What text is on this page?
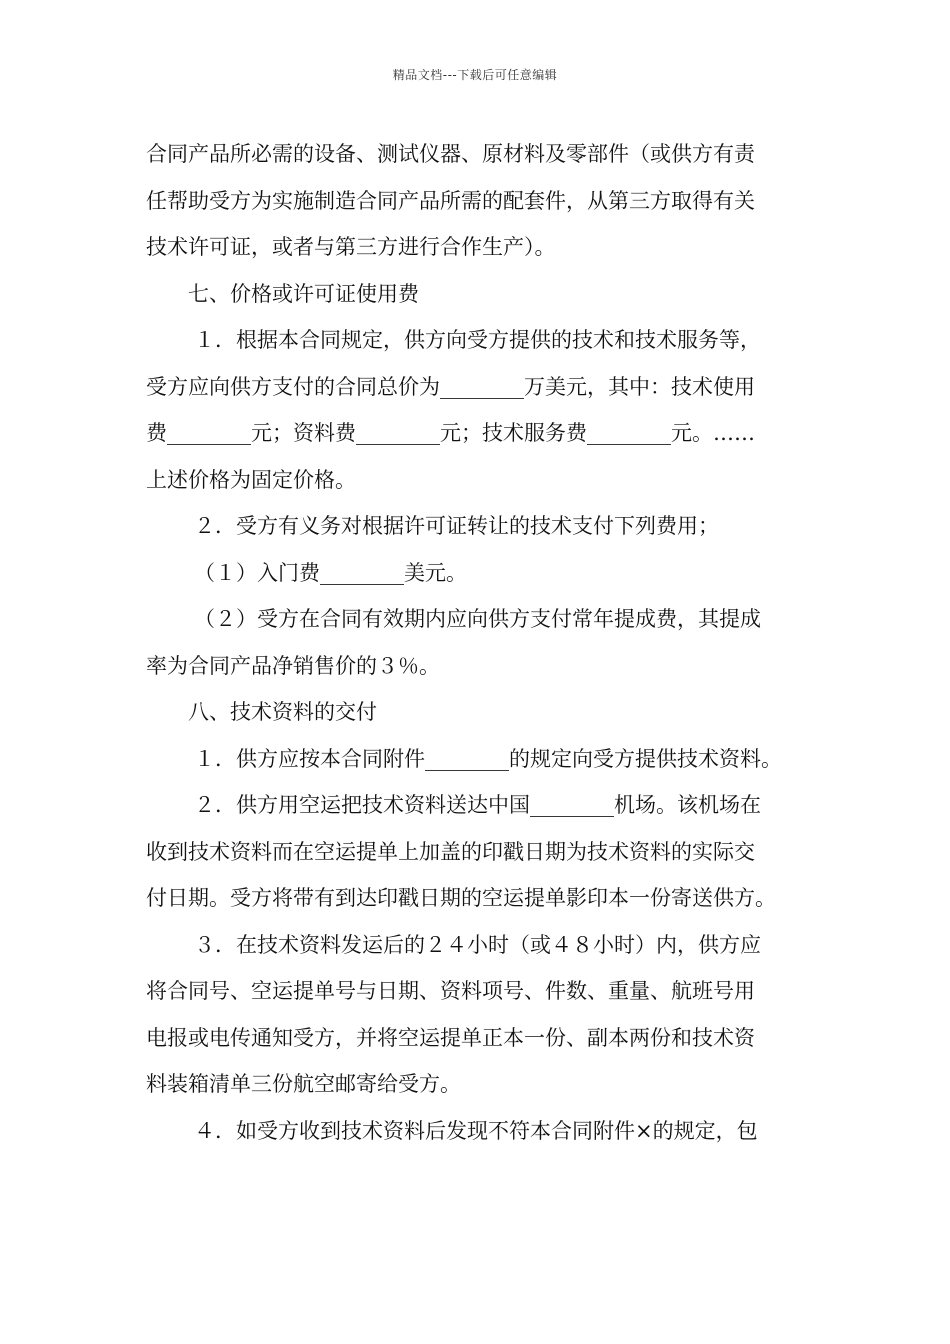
精品文档---下载后可任意编辑
合同产品所必需的设备、测试仪器、原材料及零部件（或供方有责
任帮助受方为实施制造合同产品所需的配套件，从第三方取得有关
技术许可证，或者与第三方进行合作生产）。
七、价格或许可证使用费
１．根据本合同规定，供方向受方提供的技术和技术服务等，
受方应向供方支付的合同总价为________万美元，其中：技术使用
费________元；资料费________元；技术服务费________元。……
上述价格为固定价格。
２．受方有义务对根据许可证转让的技术支付下列费用；
（１）入门费________美元。
（２）受方在合同有效期内应向供方支付常年提成费，其提成
率为合同产品净销售价的３％。
八、技术资料的交付
１．供方应按本合同附件________的规定向受方提供技术资料。
２．供方用空运把技术资料送达中国________机场。该机场在
收到技术资料而在空运提单上加盖的印戳日期为技术资料的实际交
付日期。受方将带有到达印戳日期的空运提单影印本一份寄送供方。
３．在技术资料发运后的２４小时（或４８小时）内，供方应
将合同号、空运提单号与日期、资料项号、件数、重量、航班号用
电报或电传通知受方，并将空运提单正本一份、副本两份和技术资
料装箱清单三份航空邮寄给受方。
４．如受方收到技术资料后发现不符本合同附件×的规定，包
